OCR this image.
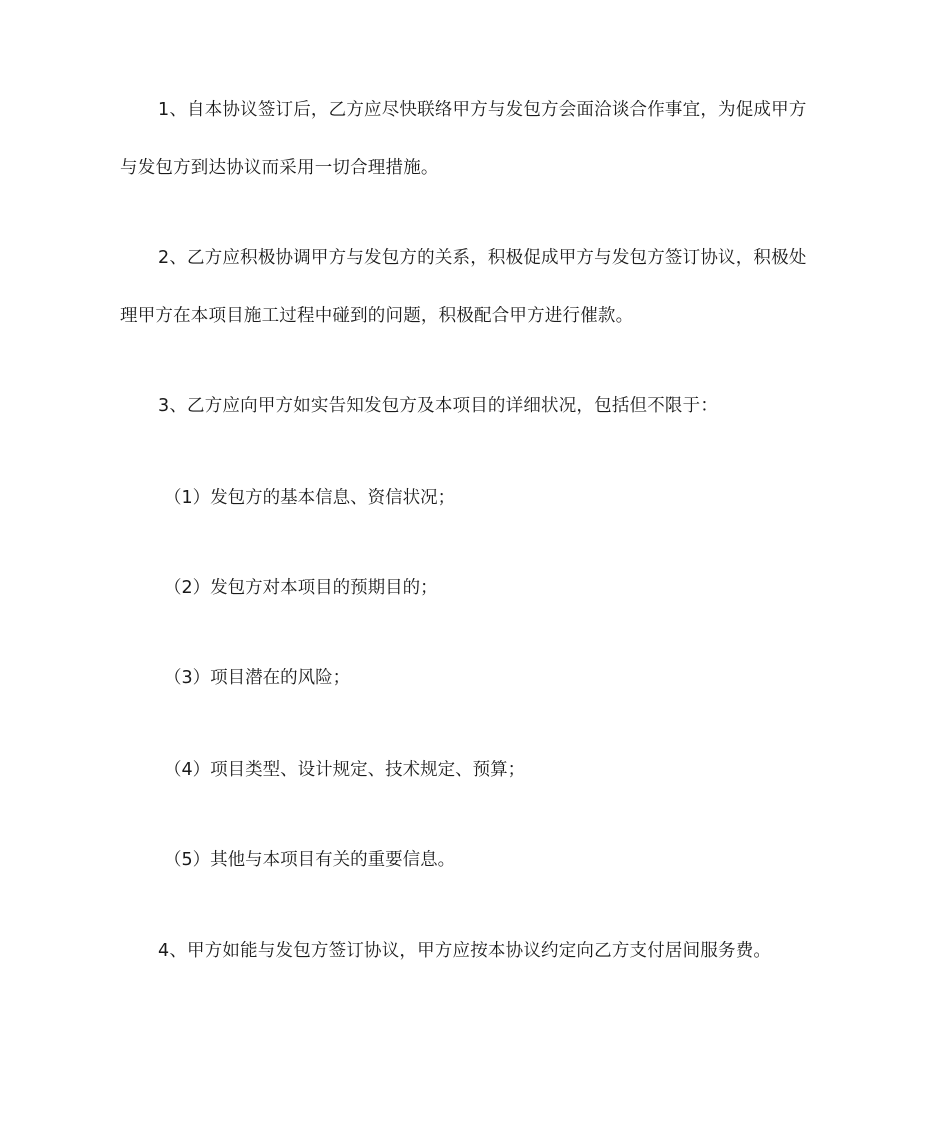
1、自本协议签订后，乙方应尽快联络甲方与发包方会面洽谈合作事宜，为促成甲方
与发包方到达协议而采用一切合理措施。

2、乙方应积极协调甲方与发包方的关系，积极促成甲方与发包方签订协议，积极处
理甲方在本项目施工过程中碰到的问题，积极配合甲方进行催款。

3、乙方应向甲方如实告知发包方及本项目的详细状况，包括但不限于：

（1）发包方的基本信息、资信状况；

（2）发包方对本项目的预期目的；

（3）项目潜在的风险；

（4）项目类型、设计规定、技术规定、预算；

（5）其他与本项目有关的重要信息。

4、甲方如能与发包方签订协议，甲方应按本协议约定向乙方支付居间服务费。
